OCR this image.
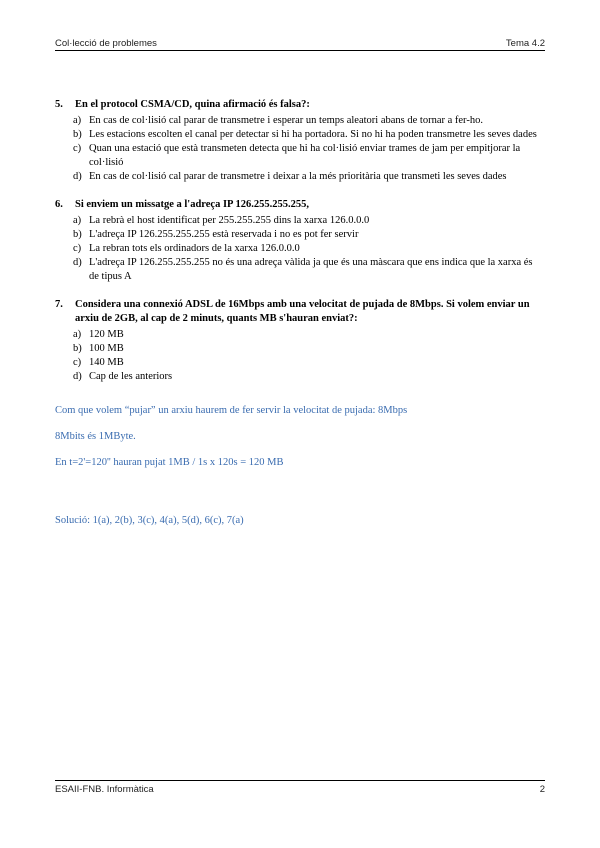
Col·lecció de problemes	Tema 4.2
5.	En el protocol CSMA/CD, quina afirmació és falsa?:
a) En cas de col·lisió cal parar de transmetre i esperar un temps aleatori abans de tornar a fer-ho.
b) Les estacions escolten el canal per detectar si hi ha portadora. Si no hi ha poden transmetre les seves dades
c) Quan una estació que està transmeten detecta que hi ha col·lisió enviar trames de jam per empitjorar la col·lisió
d) En cas de col·lisió cal parar de transmetre i deixar a la més prioritària que transmeti les seves dades
6.	Si enviem un missatge a l'adreça IP 126.255.255.255,
a) La rebrà el host identificat per 255.255.255 dins la xarxa 126.0.0.0
b) L'adreça IP 126.255.255.255 està reservada i no es pot fer servir
c) La rebran tots els ordinadors de la xarxa 126.0.0.0
d) L'adreça IP 126.255.255.255 no és una adreça vàlida ja que és una màscara que ens indica que la xarxa és de tipus A
7.	Considera una connexió ADSL de 16Mbps amb una velocitat de pujada de 8Mbps. Si volem enviar un arxiu de 2GB, al cap de 2 minuts, quants MB s'hauran enviat?:
a) 120 MB
b) 100 MB
c) 140 MB
d) Cap de les anteriors

Com que volem “pujar” un arxiu haurem de fer servir la velocitat de pujada: 8Mbps

8Mbits és 1MByte.

En t=2'=120'' hauran pujat 1MB / 1s x 120s = 120 MB

Solució: 1(a), 2(b), 3(c), 4(a), 5(d), 6(c), 7(a)

ESAII-FNB. Informàtica	2
